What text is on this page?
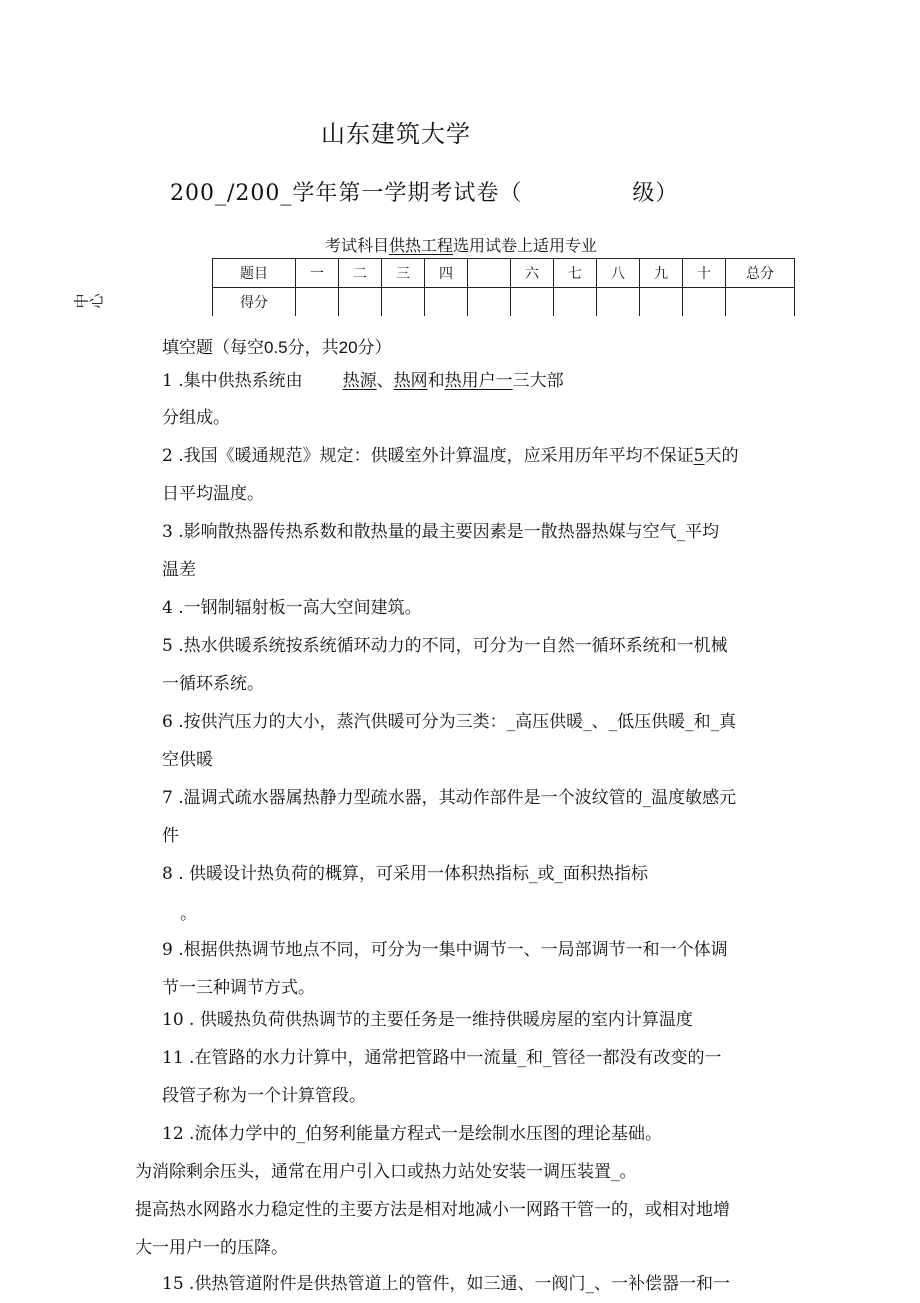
山东建筑大学
200_/200_学年第一学期考试卷（	级）
考试科目供热工程选用试卷上适用专业
中心
题目	一	二	三	四		六	七	八	九	十	总分
得分											
填空题（每空0.5分，共20分）
1 .集中供热系统由 热源、热网和热用户一三大部
分组成。
2 .我国《暖通规范》规定：供暖室外计算温度，应采用历年平均不保证5天的
日平均温度。
3 .影响散热器传热系数和散热量的最主要因素是一散热器热媒与空气_平均
温差
4 .一钢制辐射板一高大空间建筑。
5 .热水供暖系统按系统循环动力的不同，可分为一自然一循环系统和一机械
一循环系统。
6 .按供汽压力的大小，蒸汽供暖可分为三类：_高压供暖_、_低压供暖_和_真
空供暖
7 .温调式疏水器属热静力型疏水器，其动作部件是一个波纹管的_温度敏感元
件
8 . 供暖设计热负荷的概算，可采用一体积热指标_或_面积热指标
。
9 .根据供热调节地点不同，可分为一集中调节一、一局部调节一和一个体调
节一三种调节方式。
10 . 供暖热负荷供热调节的主要任务是一维持供暖房屋的室内计算温度
11 .在管路的水力计算中，通常把管路中一流量_和_管径一都没有改变的一
段管子称为一个计算管段。
12 .流体力学中的_伯努利能量方程式一是绘制水压图的理论基础。
为消除剩余压头，通常在用户引入口或热力站处安装一调压装置_。
提高热水网路水力稳定性的主要方法是相对地减小一网路干管一的，或相对地增
大一用户一的压降。
15 .供热管道附件是供热管道上的管件，如三通、一阀门_、一补偿器一和一
